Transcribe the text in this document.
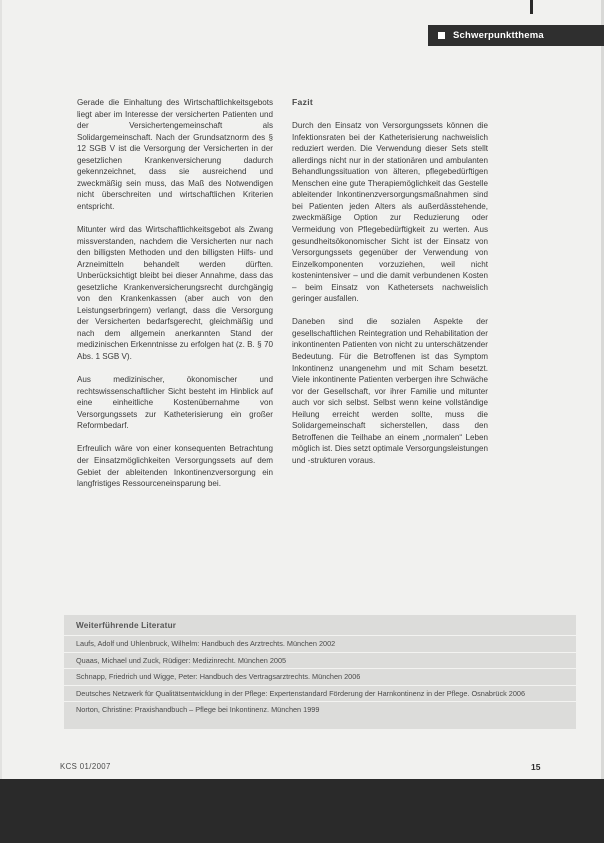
Schwerpunktthema

Gerade die Einhaltung des Wirtschaftlichkeitsgebots liegt aber im Interesse der versicherten Patienten und der Versichertengemeinschaft als Solidargemeinschaft. Nach der Grundsatznorm des § 12 SGB V ist die Versorgung der Versicherten in der gesetzlichen Krankenversicherung dadurch gekennzeichnet, dass sie ausreichend und zweckmäßig sein muss, das Maß des Notwendigen nicht überschreiten und wirtschaftlichen Kriterien entspricht.

Mitunter wird das Wirtschaftlichkeitsgebot als Zwang missverstanden, nachdem die Versicherten nur nach den billigsten Methoden und den billigsten Hilfs- und Arzneimitteln behandelt werden dürften. Unberücksichtigt bleibt bei dieser Annahme, dass das gesetzliche Krankenversicherungsrecht durchgängig von den Krankenkassen (aber auch von den Leistungserbringern) verlangt, dass die Versorgung der Versicherten bedarfsgerecht, gleichmäßig und nach dem allgemein anerkannten Stand der medizinischen Erkenntnisse zu erfolgen hat (z. B. § 70 Abs. 1 SGB V).

Aus medizinischer, ökonomischer und rechtswissenschaftlicher Sicht besteht im Hinblick auf eine einheitliche Kostenübernahme von Versorgungssets zur Katheterisierung ein großer Reformbedarf.

Erfreulich wäre von einer konsequenten Betrachtung der Einsatzmöglichkeiten Versorgungssets auf dem Gebiet der ableitenden Inkontinenzversorgung ein langfristiges Ressourceneinsparung bei.

Fazit

Durch den Einsatz von Versorgungssets können die Infektionsraten bei der Katheterisierung nachweislich reduziert werden. Die Verwendung dieser Sets stellt allerdings nicht nur in der stationären und ambulanten Behandlungssituation von älteren, pflegebedürftigen Menschen eine gute Therapiemöglichkeit das Gestelle ableitender Inkontinenzversorgungsmaßnahmen sind bei Patienten jeden Alters als außerdässtehende, zweckmäßige Option zur Reduzierung oder Vermeidung von Pflegebedürftigkeit zu werten. Aus gesundheitsökonomischer Sicht ist der Einsatz von Versorgungssets gegenüber der Verwendung von Einzelkomponenten vorzuziehen, weil nicht kostenintensiver – und die damit verbundenen Kosten – beim Einsatz von Kathetersets nachweislich geringer ausfallen.

Daneben sind die sozialen Aspekte der gesellschaftlichen Reintegration und Rehabilitation der inkontinenten Patienten von nicht zu unterschätzender Bedeutung. Für die Betroffenen ist das Symptom Inkontinenz unangenehm und mit Scham besetzt. Viele inkontinente Patienten verbergen ihre Schwäche vor der Gesellschaft, vor ihrer Familie und mitunter auch vor sich selbst. Selbst wenn keine vollständige Heilung erreicht werden sollte, muss die Solidargemeinschaft sicherstellen, dass den Betroffenen die Teilhabe an einem „normalen“ Leben möglich ist. Dies setzt optimale Versorgungsleistungen und -strukturen voraus.

Weiterführende Literatur
Laufs, Adolf und Uhlenbruck, Wilhelm: Handbuch des Arztrechts. München 2002
Quaas, Michael und Zuck, Rüdiger: Medizinrecht. München 2005
Schnapp, Friedrich und Wigge, Peter: Handbuch des Vertragsarztrechts. München 2006
Deutsches Netzwerk für Qualitätsentwicklung in der Pflege: Expertenstandard Förderung der Harnkontinenz in der Pflege. Osnabrück 2006
Norton, Christine: Praxishandbuch – Pflege bei Inkontinenz. München 1999
KCS 01/2007	15
